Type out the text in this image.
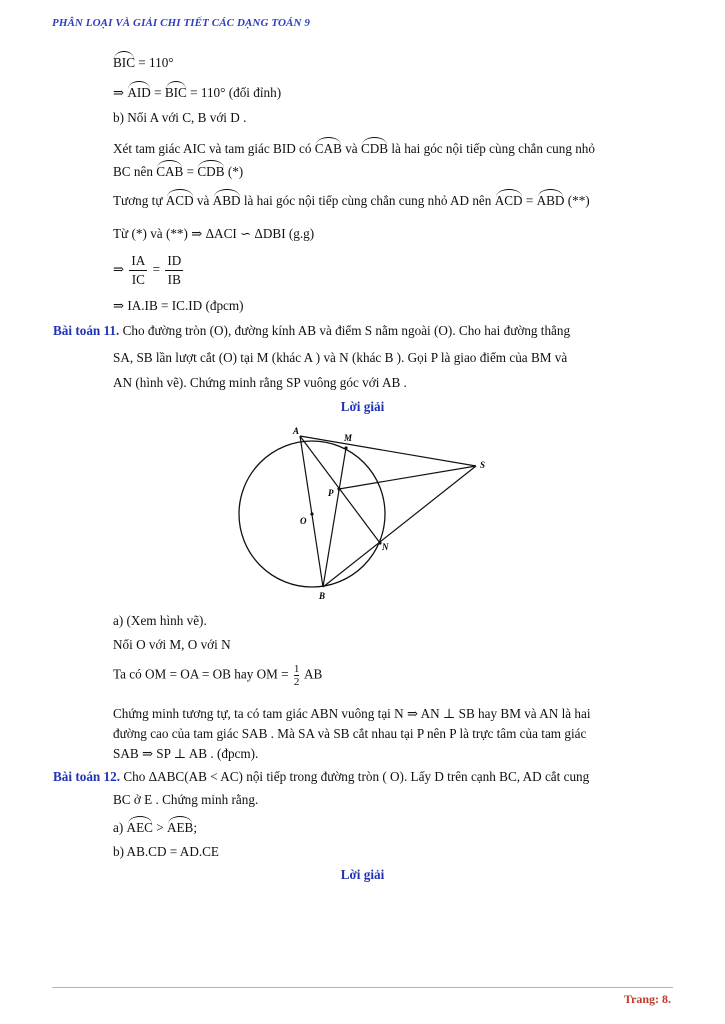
PHÂN LOẠI VÀ GIẢI CHI TIẾT CÁC DẠNG TOÁN 9
BIC = 110°
⇒ AID = BIC = 110° (đối đỉnh)
b) Nối A với C, B với D .
Xét tam giác AIC và tam giác BID có CAB và CDB là hai góc nội tiếp cùng chắn cung nhỏ
BC nên CAB = CDB (*)
Tương tự ACD và ABD là hai góc nội tiếp cùng chắn cung nhỏ AD nên ACD = ABD (**)
Từ (*) và (**) ⇒ ΔACI ∽ ΔDBI (g.g)
⇒ $\frac{IA}{IC} = \frac{ID}{IB}$
⇒ IA.IB = IC.ID (đpcm)
Bài toán 11. Cho đường tròn (O), đường kính AB và điểm S nằm ngoài (O). Cho hai đường thẳng
SA, SB lần lượt cắt (O) tại M (khác A ) và N (khác B ). Gọi P là giao điểm của BM và
AN (hình vẽ). Chứng minh rằng SP vuông góc với AB .
Lời giải
A
M
S
P
O
N
B
a) (Xem hình vẽ).
Nối O với M, O với N
Ta có OM = OA = OB hay OM = $\frac{1}{2}$ AB
Chứng minh tương tự, ta có tam giác ABN vuông tại N ⇒ AN ⊥ SB hay BM và AN là hai
đường cao của tam giác SAB . Mà SA và SB cắt nhau tại P nên P là trực tâm của tam giác
SAB ⇒ SP ⊥ AB . (đpcm).
Bài toán 12. Cho ΔABC(AB < AC) nội tiếp trong đường tròn ( O). Lấy D trên cạnh BC, AD cắt cung
BC ở E . Chứng minh rằng.
a) AEC > AEB;
b) AB.CD = AD.CE
Lời giải
Trang: 8.
